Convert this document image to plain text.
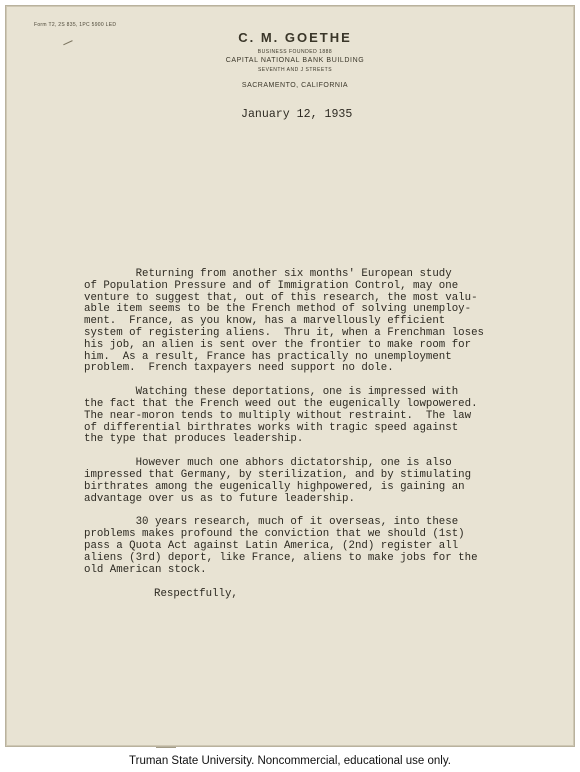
Form T2, 2S 835, 1PC 5900 LED
C. M. GOETHE
BUSINESS FOUNDED 1888
CAPITAL NATIONAL BANK BUILDING
SEVENTH AND J STREETS
SACRAMENTO, CALIFORNIA
January 12, 1935
Returning from another six months' European study
of Population Pressure and of Immigration Control, may one
venture to suggest that, out of this research, the most valu-
able item seems to be the French method of solving unemploy-
ment.  France, as you know, has a marvellously efficient
system of registering aliens.  Thru it, when a Frenchman loses
his job, an alien is sent over the frontier to make room for
him.  As a result, France has practically no unemployment
problem.  French taxpayers need support no dole.
Watching these deportations, one is impressed with
the fact that the French weed out the eugenically lowpowered.
The near-moron tends to multiply without restraint.  The law
of differential birthrates works with tragic speed against
the type that produces leadership.
However much one abhors dictatorship, one is also
impressed that Germany, by sterilization, and by stimulating
birthrates among the eugenically highpowered, is gaining an
advantage over us as to future leadership.
30 years research, much of it overseas, into these
problems makes profound the conviction that we should (1st)
pass a Quota Act against Latin America, (2nd) register all
aliens (3rd) deport, like France, aliens to make jobs for the
old American stock.
Respectfully,
Truman State University. Noncommercial, educational use only.
